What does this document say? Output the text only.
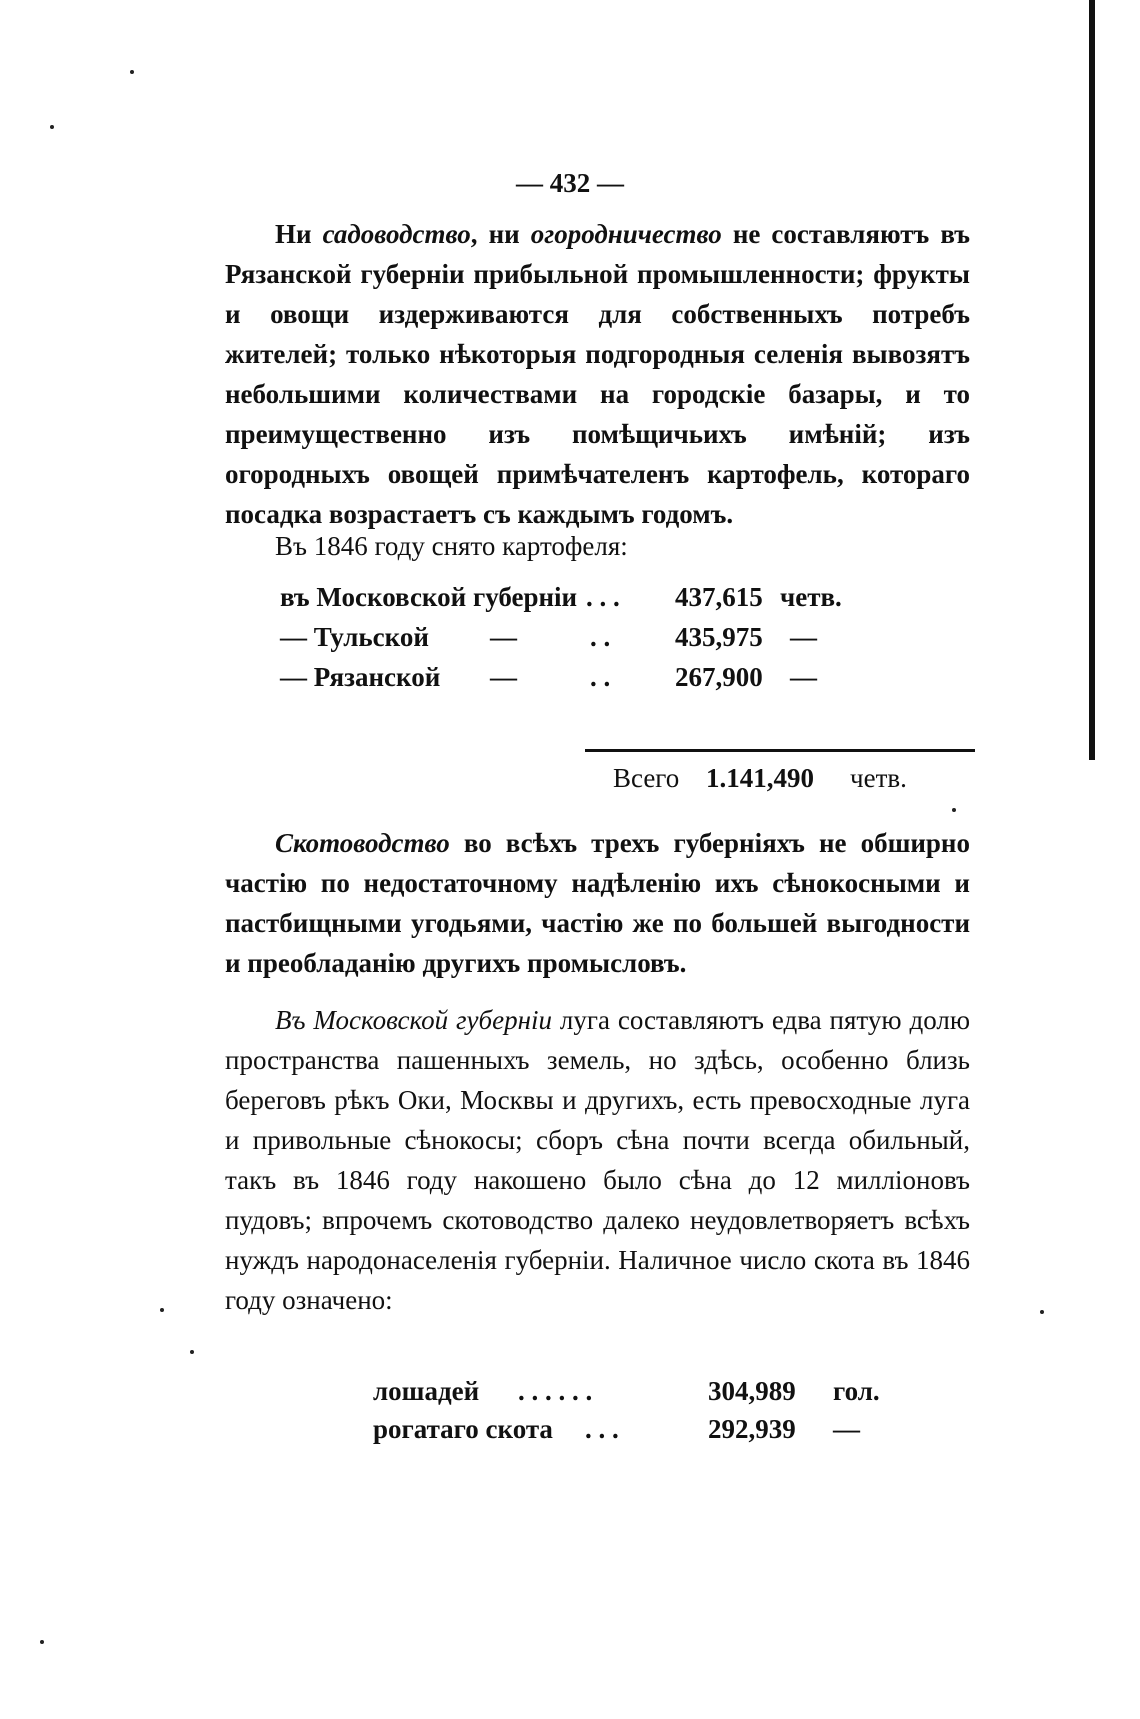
— 432 —

Ни садоводство, ни огородничество не составляютъ въ Рязанской губерніи прибыльной промышленности; фрукты и овощи издерживаются для собственныхъ потребъ жителей; только нѣкоторыя подгородныя селенія вывозятъ небольшими количествами на городскіе базары, и то преимущественно изъ помѣщичьихъ имѣній; изъ огородныхъ овощей примѣчателенъ картофель, котораго посадка возрастаетъ съ каждымъ годомъ.

Въ 1846 году снято картофеля:

въ Московской губерніи . . . 437,615 четв.
— Тульской —	. . 435,975 —
— Рязанской —	. . 267,900 —
Всего 1.141,490 четв.

Скотоводство во всѣхъ трехъ губерніяхъ не обширно частію по недостаточному надѣленію ихъ сѣнокосными и пастбищными угодьями, частію же по большей выгодности и преобладанію другихъ промысловъ.

Въ Московской губерніи луга составляютъ едва пятую долю пространства пашенныхъ земель, но здѣсь, особенно близь береговъ рѣкъ Оки, Москвы и другихъ, есть превосходные луга и привольные сѣнокосы; сборъ сѣна почти всегда обильный, такъ въ 1846 году накошено было сѣна до 12 милліоновъ пудовъ; впрочемъ скотоводство далеко неудовлетворяетъ всѣхъ нуждъ народонаселенія губерніи. Наличное число скота въ 1846 году означено:

лошадей . . . . . .	304,989 гол.
рогатаго скота . . .	292,939 —
